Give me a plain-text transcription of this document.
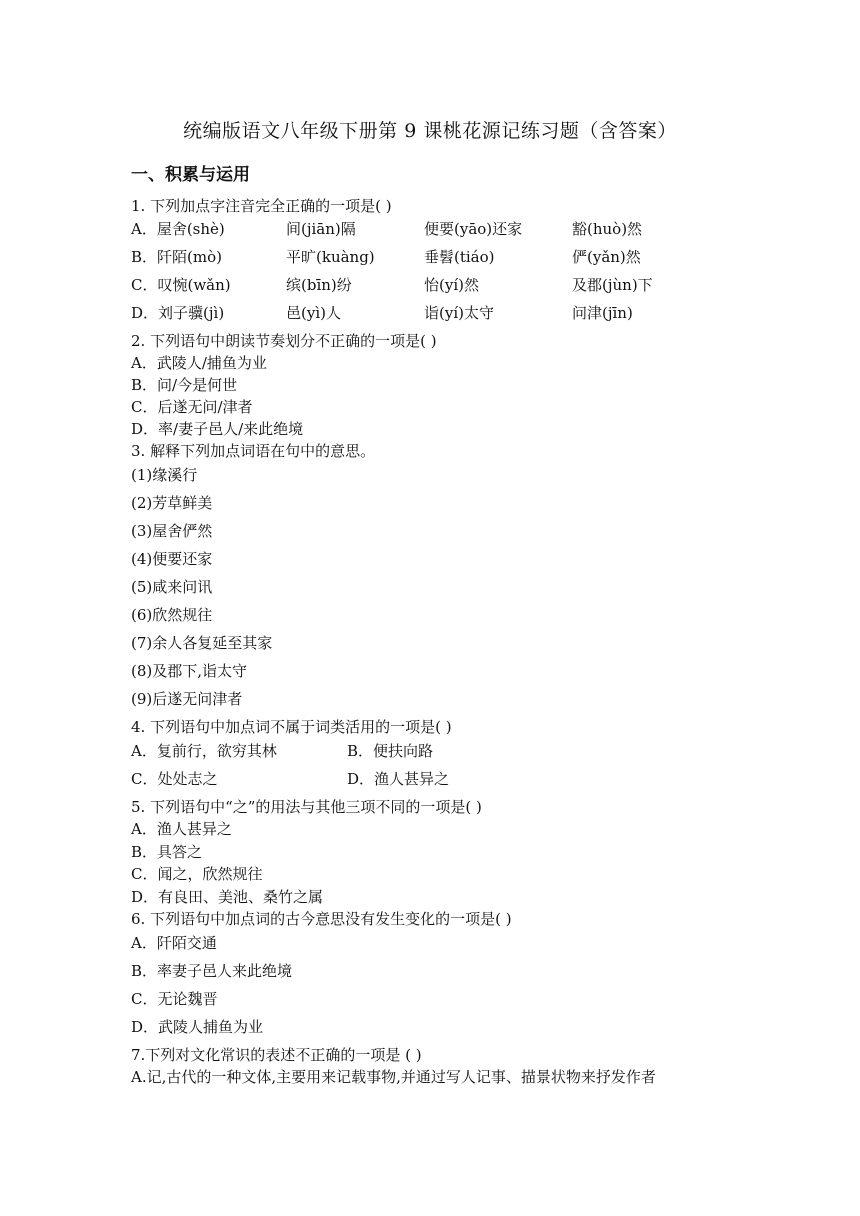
统编版语文八年级下册第 9 课桃花源记练习题（含答案）
一、积累与运用
1. 下列加点字注音完全正确的一项是( )
A．屋舍(shè)	间(jiān)隔	便要(yāo)还家	豁(huò)然
B．阡陌(mò)	平旷(kuàng)	垂髫(tiáo)	俨(yǎn)然
C．叹惋(wǎn)	缤(bīn)纷	怡(yí)然	及郡(jùn)下
D．刘子骥(jì)	邑(yì)人	诣(yí)太守	问津(jīn)
2. 下列语句中朗读节奏划分不正确的一项是( )
A．武陵人/捕鱼为业
B．问/今是何世
C．后遂无问/津者
D．率/妻子邑人/来此绝境
3. 解释下列加点词语在句中的意思。
(1)缘溪行
(2)芳草鲜美
(3)屋舍俨然
(4)便要还家
(5)咸来问讯
(6)欣然规往
(7)余人各复延至其家
(8)及郡下,诣太守
(9)后遂无问津者
4. 下列语句中加点词不属于词类活用的一项是( )
A．复前行，欲穷其林	B．便扶向路
C．处处志之	D．渔人甚异之
5. 下列语句中“之”的用法与其他三项不同的一项是( )
A．渔人甚异之
B．具答之
C．闻之，欣然规往
D．有良田、美池、桑竹之属
6. 下列语句中加点词的古今意思没有发生变化的一项是( )
A．阡陌交通
B．率妻子邑人来此绝境
C．无论魏晋
D．武陵人捕鱼为业
7.下列对文化常识的表述不正确的一项是 ( )
A.记,古代的一种文体,主要用来记载事物,并通过写人记事、描景状物来抒发作者
